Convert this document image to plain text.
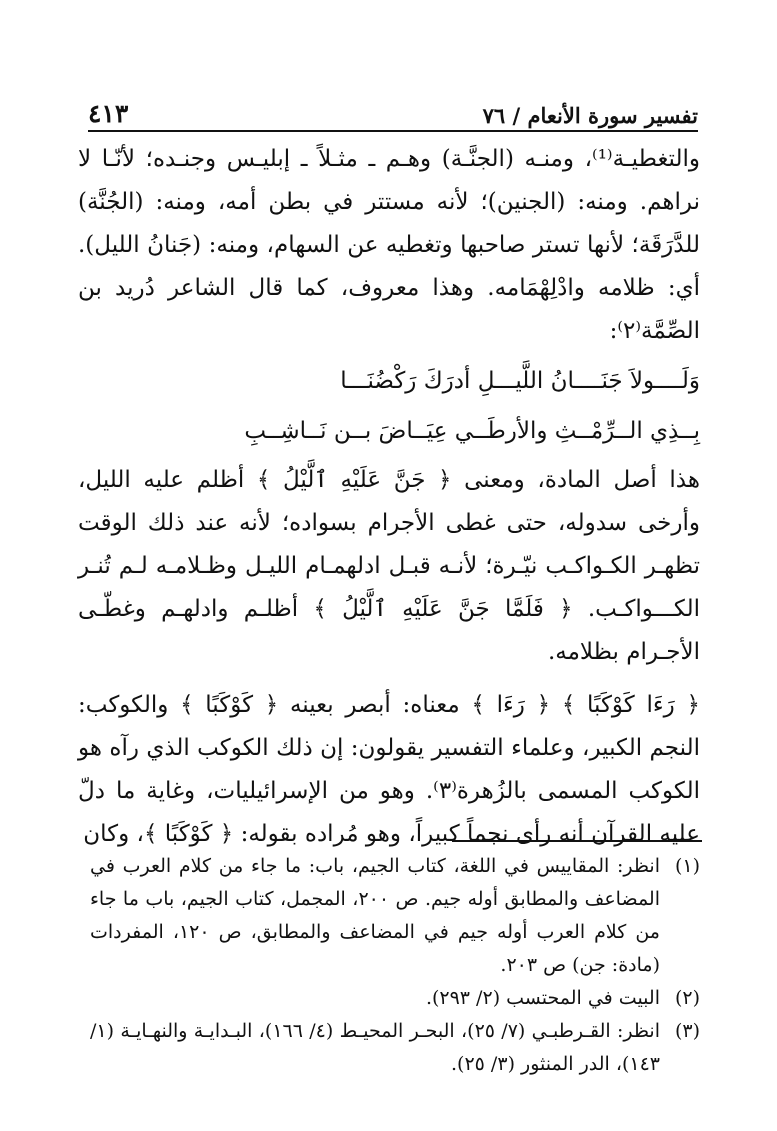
تفسير سورة الأنعام / ٧٦
٤١٣

والتغطيـة⁽¹⁾، ومنـه (الجنَّـة) وهـم ـ مثـلاً ـ إبليـس وجنـده؛ لأنّـا لا نراهم. ومنه: (الجنين)؛ لأنه مستتر في بطن أمه، ومنه: (الجُنَّة) للدَّرَقَة؛ لأنها تستر صاحبها وتغطيه عن السهام، ومنه: (جَنانُ الليل). أي: ظلامه وادْلِهْمَامه. وهذا معروف، كما قال الشاعر دُريد بن الصِّمَّة⁽٢⁾:

وَلَــــولاَ جَنَــــانُ اللَّيـــلِ أدرَكَ رَكْضُنَـــا
بِــذِي الــرِّمْــثِ والأرطَــي عِيَــاضَ بــن نَــاشِــبِ

هذا أصل المادة، ومعنى ﴿ جَنَّ عَلَيْهِ ٱلَّيْلُ ﴾ أظلم عليه الليل، وأرخى سدوله، حتى غطى الأجرام بسواده؛ لأنه عند ذلك الوقت تظهـر الكـواكـب نيّـرة؛ لأنـه قبـل ادلهمـام الليـل وظـلامـه لـم تُنـر الكـــواكـب. ﴿ فَلَمَّا جَنَّ عَلَيْهِ ٱلَّيْلُ ﴾ أظلـم وادلهـم وغطّـى الأجـرام بظلامه.

﴿ رَءَا كَوْكَبًا ﴾ ﴿ رَءَا ﴾ معناه: أبصر بعينه ﴿ كَوْكَبًا ﴾ والكوكب: النجم الكبير، وعلماء التفسير يقولون: إن ذلك الكوكب الذي رآه هو الكوكب المسمى بالزُهرة⁽٣⁾. وهو من الإسرائيليات، وغاية ما دلّ عليه القرآن أنه رأى نجماً كبيراً، وهو مُراده بقوله: ﴿ كَوْكَبًا ﴾، وكان

(١)
انظر: المقاييس في اللغة، كتاب الجيم، باب: ما جاء من كلام العرب في المضاعف والمطابق أوله جيم. ص ٢٠٠، المجمل، كتاب الجيم، باب ما جاء من كلام العرب أوله جيم في المضاعف والمطابق، ص ١٢٠، المفردات (مادة: جن) ص ٢٠٣.
(٢)
البيت في المحتسب (٢/ ٢٩٣).
(٣)
انظر: القـرطبـي (٧/ ٢٥)، البحـر المحيـط (٤/ ١٦٦)، البـدايـة والنهـايـة (١/ ١٤٣)، الدر المنثور (٣/ ٢٥).
